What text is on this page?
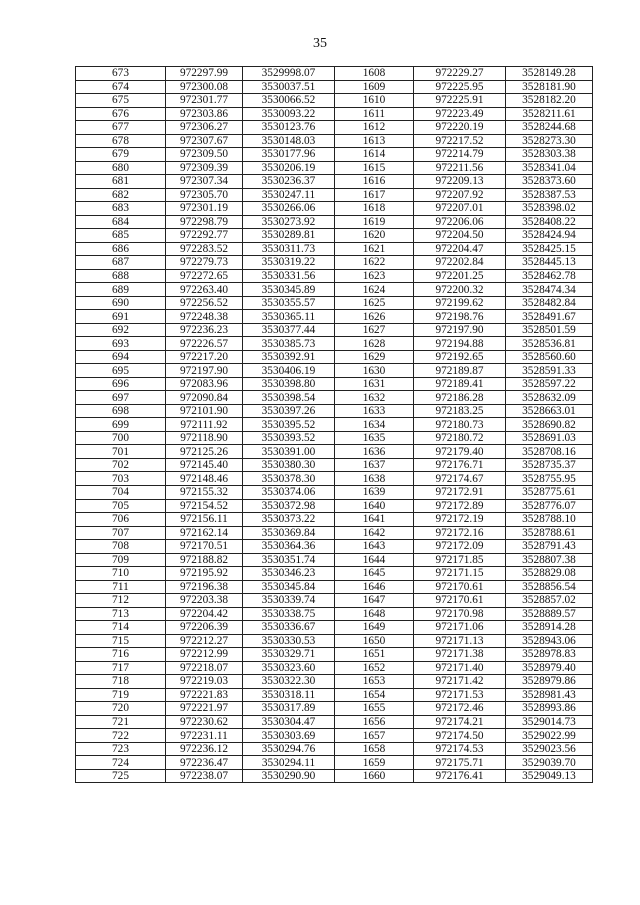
35
673	972297.99	3529998.07	1608	972229.27	3528149.28
674	972300.08	3530037.51	1609	972225.95	3528181.90
675	972301.77	3530066.52	1610	972225.91	3528182.20
676	972303.86	3530093.22	1611	972223.49	3528211.61
677	972306.27	3530123.76	1612	972220.19	3528244.68
678	972307.67	3530148.03	1613	972217.52	3528273.30
679	972309.50	3530177.96	1614	972214.79	3528303.38
680	972309.39	3530206.19	1615	972211.56	3528341.04
681	972307.34	3530236.37	1616	972209.13	3528373.60
682	972305.70	3530247.11	1617	972207.92	3528387.53
683	972301.19	3530266.06	1618	972207.01	3528398.02
684	972298.79	3530273.92	1619	972206.06	3528408.22
685	972292.77	3530289.81	1620	972204.50	3528424.94
686	972283.52	3530311.73	1621	972204.47	3528425.15
687	972279.73	3530319.22	1622	972202.84	3528445.13
688	972272.65	3530331.56	1623	972201.25	3528462.78
689	972263.40	3530345.89	1624	972200.32	3528474.34
690	972256.52	3530355.57	1625	972199.62	3528482.84
691	972248.38	3530365.11	1626	972198.76	3528491.67
692	972236.23	3530377.44	1627	972197.90	3528501.59
693	972226.57	3530385.73	1628	972194.88	3528536.81
694	972217.20	3530392.91	1629	972192.65	3528560.60
695	972197.90	3530406.19	1630	972189.87	3528591.33
696	972083.96	3530398.80	1631	972189.41	3528597.22
697	972090.84	3530398.54	1632	972186.28	3528632.09
698	972101.90	3530397.26	1633	972183.25	3528663.01
699	972111.92	3530395.52	1634	972180.73	3528690.82
700	972118.90	3530393.52	1635	972180.72	3528691.03
701	972125.26	3530391.00	1636	972179.40	3528708.16
702	972145.40	3530380.30	1637	972176.71	3528735.37
703	972148.46	3530378.30	1638	972174.67	3528755.95
704	972155.32	3530374.06	1639	972172.91	3528775.61
705	972154.52	3530372.98	1640	972172.89	3528776.07
706	972156.11	3530373.22	1641	972172.19	3528788.10
707	972162.14	3530369.84	1642	972172.16	3528788.61
708	972170.51	3530364.36	1643	972172.09	3528791.43
709	972188.82	3530351.74	1644	972171.85	3528807.38
710	972195.92	3530346.23	1645	972171.15	3528829.08
711	972196.38	3530345.84	1646	972170.61	3528856.54
712	972203.38	3530339.74	1647	972170.61	3528857.02
713	972204.42	3530338.75	1648	972170.98	3528889.57
714	972206.39	3530336.67	1649	972171.06	3528914.28
715	972212.27	3530330.53	1650	972171.13	3528943.06
716	972212.99	3530329.71	1651	972171.38	3528978.83
717	972218.07	3530323.60	1652	972171.40	3528979.40
718	972219.03	3530322.30	1653	972171.42	3528979.86
719	972221.83	3530318.11	1654	972171.53	3528981.43
720	972221.97	3530317.89	1655	972172.46	3528993.86
721	972230.62	3530304.47	1656	972174.21	3529014.73
722	972231.11	3530303.69	1657	972174.50	3529022.99
723	972236.12	3530294.76	1658	972174.53	3529023.56
724	972236.47	3530294.11	1659	972175.71	3529039.70
725	972238.07	3530290.90	1660	972176.41	3529049.13
